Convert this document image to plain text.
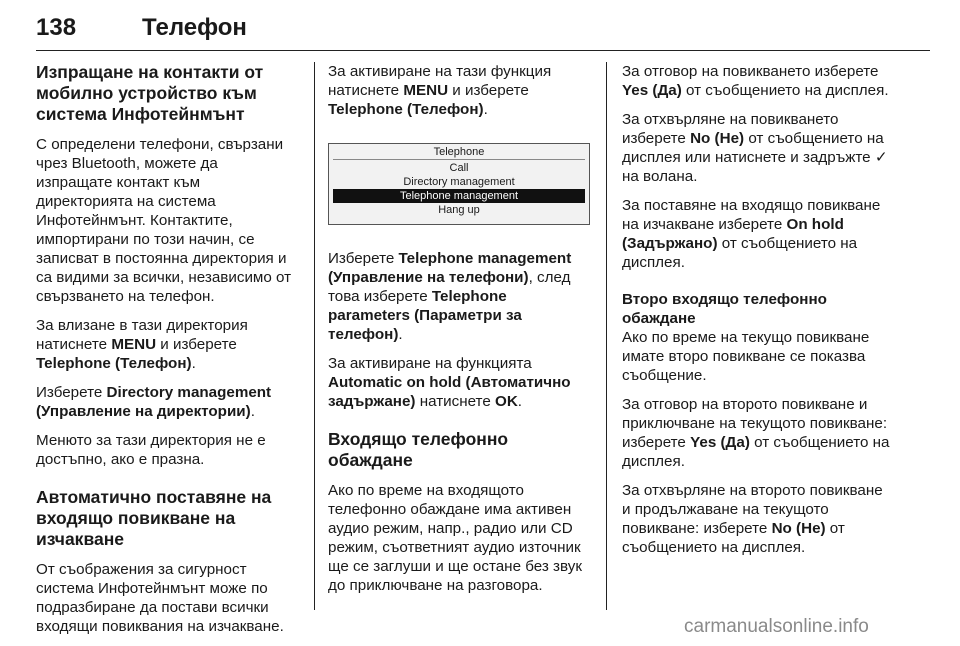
138	Телефон
Изпращане на контакти от мобилно устройство към система Инфотейнмънт

С определени телефони, свързани чрез Bluetooth, можете да изпращате контакт към директорията на система Инфотейнмънт. Контактите, импортирани по този начин, се записват в постоянна директория и са видими за всички, независимо от свързването на телефон.

За влизане в тази директория натиснете MENU и изберете Telephone (Телефон).

Изберете Directory management (Управление на директории).

Менюто за тази директория не е достъпно, ако е празна.

Автоматично поставяне на входящо повикване на изчакване

От съображения за сигурност система Инфотейнмънт може по подразбиране да постави всички входящи повиквания на изчакване.

За активиране на тази функция натиснете MENU и изберете Telephone (Телефон).

Telephone
Call
Directory management
Telephone management
Hang up

Изберете Telephone management (Управление на телефони), след това изберете Telephone parameters (Параметри за телефон).

За активиране на функцията Automatic on hold (Автоматично задържане) натиснете OK.

Входящо телефонно обаждане

Ако по време на входящото телефонно обаждане има активен аудио режим, напр., радио или CD режим, съответният аудио източник ще се заглуши и ще остане без звук до приключване на разговора.

За отговор на повикването изберете Yes (Да) от съобщението на дисплея.

За отхвърляне на повикването изберете No (Не) от съобщението на дисплея или натиснете и задръжте ✓ на волана.

За поставяне на входящо повикване на изчакване изберете On hold (Задържано) от съобщението на дисплея.

Второ входящо телефонно обаждане

Ако по време на текущо повикване имате второ повикване се показва съобщение.

За отговор на второто повикване и приключване на текущото повикване: изберете Yes (Да) от съобщението на дисплея.

За отхвърляне на второто повикване и продължаване на текущото повикване: изберете No (Не) от съобщението на дисплея.

carmanualsonline.info
